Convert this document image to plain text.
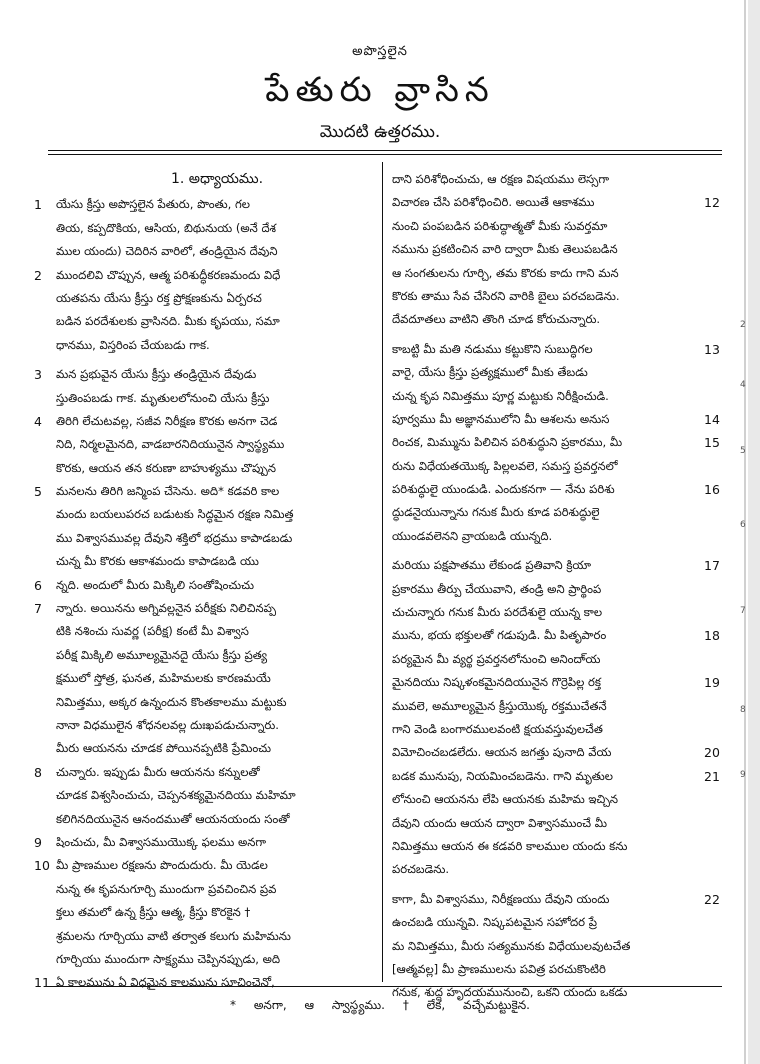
అపొస్తలైన
పేతురు వ్రాసిన
మొదటి ఉత్తరము.
1. అధ్యాయము.
1 యేసు క్రీస్తు అపొస్తలైన పేతురు, పొంతు, గల
తియ, కప్పదొకియ, ఆసియ, బిథునుయ (అనే దేశ
ముల యందు) చెదిరిన వారిలో, తండ్రియైన దేవుని
2 ముందలివి చొప్పున, ఆత్మ పరిశుద్ధీకరణమందు విధే
యతపను యేసు క్రీస్తు రక్త ప్రోక్షణకును ఏర్పరచ
బడిన పరదేశులకు వ్రాసినది. మీకు కృపయు, సమా
ధానము, విస్తరింప చేయబడు గాక.
3 మన ప్రభువైన యేసు క్రీస్తు తండ్రియైన దేవుడు
స్తుతింపబడు గాక. మృతులలోనుంచి యేసు క్రీస్తు
4 తిరిగి లేచుటవల్ల, సజీవ నిరీక్షణ కొరకు అనగా చెడ
నిది, నిర్మలమైనది, వాడబారనిదియునైన స్వాస్థ్యము
కొరకు, ఆయన తన కరుణా బాహుళ్యము చొప్పున
5 మనలను తిరిగి జన్మింప చేసెను. అది* కడవరి కాల
మందు బయలుపరచ బడుటకు సిద్ధమైన రక్షణ నిమిత్త
ము విశ్వాసమువల్ల దేవుని శక్తిలో భద్రము కాపాడబడు
చున్న మీ కొరకు ఆకాశమందు కాపాడబడి యు
6 న్నది. అందులో మీరు మిక్కిలి సంతోషించుచు
7 న్నారు. అయినను అగ్నివల్లనైన పరీక్షకు నిలిచినప్ప
టికి నశించు సువర్ణ (పరీక్ష) కంటే మీ విశ్వాస
పరీక్ష మిక్కిలి అమూల్యమైనదై యేసు క్రీస్తు ప్రత్య
క్షములో స్తోత్ర, ఘనత, మహిమలకు కారణమయే
నిమిత్తము, అక్కర ఉన్నందున కొంతకాలము మట్టుకు
నానా విధములైన శోధనలవల్ల దుఃఖపడుచున్నారు.
మీరు ఆయనను చూడక పోయినప్పటికి ప్రేమించు
8 చున్నారు. ఇప్పుడు మీరు ఆయనను కన్నులతో
చూడక విశ్వసించుచు, చెప్పనశక్యమైనదియు మహిమా
కలిగినదియునైన ఆనందముతో ఆయనయందు సంతో
9 షించుచు, మీ విశ్వాసముయొక్క ఫలము అనగా
10 మీ ప్రాణముల రక్షణను పొందుదురు. మీ యెడల
నున్న ఈ కృపనుగూర్చి ముందుగా ప్రవచించిన ప్రవ
క్తలు తమలో ఉన్న క్రీస్తు ఆత్మ, క్రీస్తు కొరకైన †
శ్రమలను గూర్చియు వాటి తర్వాత కలుగు మహిమను
గూర్చియు ముందుగా సాక్ష్యము చెప్పినప్పుడు, అది
11 ఏ కాలమును ఏ విధమైన కాలమును సూచించెనో,
దాని పరిశోధించుచు, ఆ రక్షణ విషయము లెస్సగా
12
విచారణ చేసి పరిశోధించిరి. అయితే ఆకాశము
నుంచి పంపబడిన పరిశుద్ధాత్మతో మీకు సువర్తమా
నమును ప్రకటించిన వారి ద్వారా మీకు తెలుపబడిన
ఆ సంగతులను గూర్చి, తమ కొరకు కాదు గాని మన
కొరకు తాము సేవ చేసిరని వారికి బైలు పరచబడెను.
దేవదూతలు వాటిని తొంగి చూడ కోరుచున్నారు.
13
కాబట్టి మీ మతి నడుము కట్టుకొని సుబుద్ధిగల
వారై, యేసు క్రీస్తు ప్రత్యక్షములో మీకు తేబడు
చున్న కృప నిమిత్తము పూర్ణ మట్టుకు నిరీక్షించుడి.
14
పూర్వము మీ అజ్ఞానములోని మీ ఆశలను అనుస
15
రించక, మిమ్మును పిలిచిన పరిశుద్ధుని ప్రకారము, మీ
రును విధేయతయొక్క పిల్లలవలె, సమస్త ప్రవర్తనలో
16
పరిశుద్ధులై యుండుడి. ఎందుకనగా — నేను పరిశు
ద్ధుడనైయున్నాను గనుక మీరు కూడ పరిశుద్ధులై
యుండవలెనని వ్రాయబడి యున్నది.
17
మరియు పక్షపాతము లేకుండ ప్రతివాని క్రియా
ప్రకారము తీర్పు చేయువాని, తండ్రి అని ప్రార్థింప
చుచున్నారు గనుక మీరు పరదేశులై యున్న కాల
18
మును, భయ భక్తులతో గడుపుడి. మీ పితృపారం
పర్యమైన మీ వ్యర్థ ప్రవర్తనలోనుంచి అనిందా్య
19
మైనదియు నిష్కళంకమైనదియునైన గొర్రెపిల్ల రక్త
మువలె, అమూల్యమైన క్రీస్తుయొక్క రక్తముచేతనే
గాని వెండి బంగారములవంటి క్షయవస్తువులచేత
20
విమోచించబడలేదు. ఆయన జగత్తు పునాది వేయ
21
బడక మునుపు, నియమించబడెను. గాని మృతుల
లోనుంచి ఆయనను లేపి ఆయనకు మహిమ ఇచ్చిన
దేవుని యందు ఆయన ద్వారా విశ్వాసముంచే మీ
నిమిత్తము ఆయన ఈ కడవరి కాలముల యందు కను
పరచబడెను.
22
కాగా, మీ విశ్వాసము, నిరీక్షణయు దేవుని యందు
ఉంచబడి యున్నవి. నిష్కపటమైన సహోదర ప్రే
మ నిమిత్తము, మీరు సత్యమునకు విధేయులవుటచేత
[ఆత్మవల్ల] మీ ప్రాణములను పవిత్ర పరచుకొంటిరి
గనుక, శుద్ధ హృదయమునుంచి, ఒకని యందు ఒకడు
* అనగా, ఆ స్వాస్థ్యము. † లేక, వచ్చేమట్టుకైన.
2
4
5
6
7
8
9
